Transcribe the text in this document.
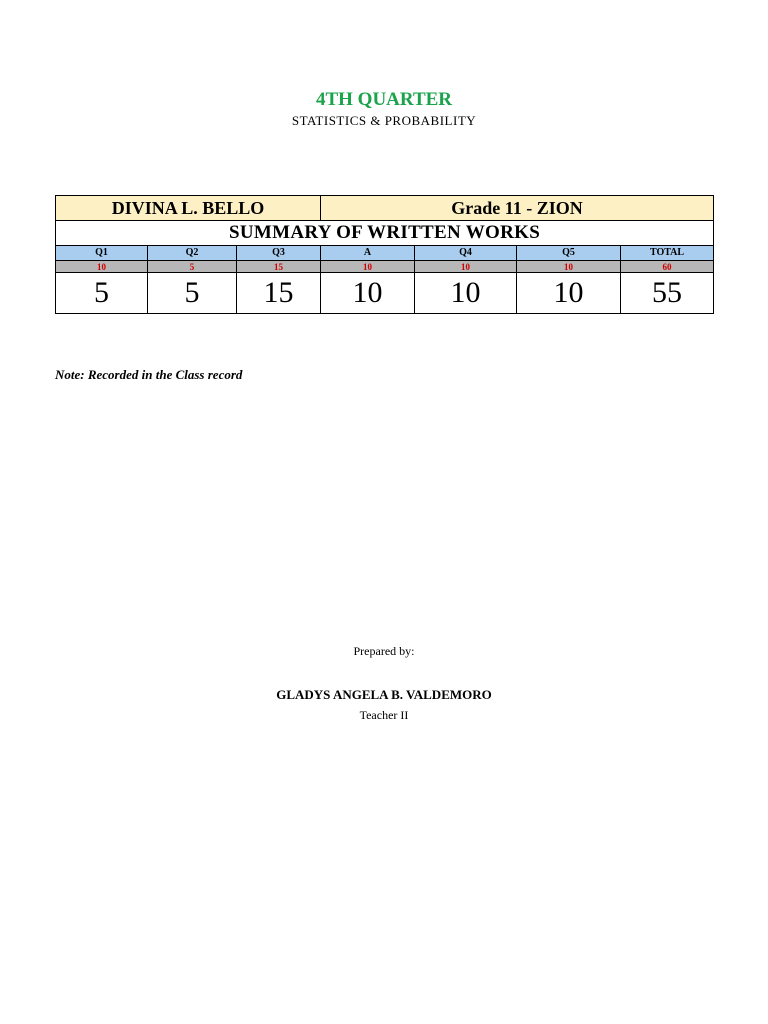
4TH QUARTER
STATISTICS & PROBABILITY
DIVINA L. BELLO			Grade 11 - ZION			
SUMMARY OF WRITTEN WORKS						
Q1	Q2	Q3	A	Q4	Q5	TOTAL
10	5	15	10	10	10	60
5	5	15	10	10	10	55
Note: Recorded in the Class record
Prepared by:
GLADYS ANGELA B. VALDEMORO
Teacher II
